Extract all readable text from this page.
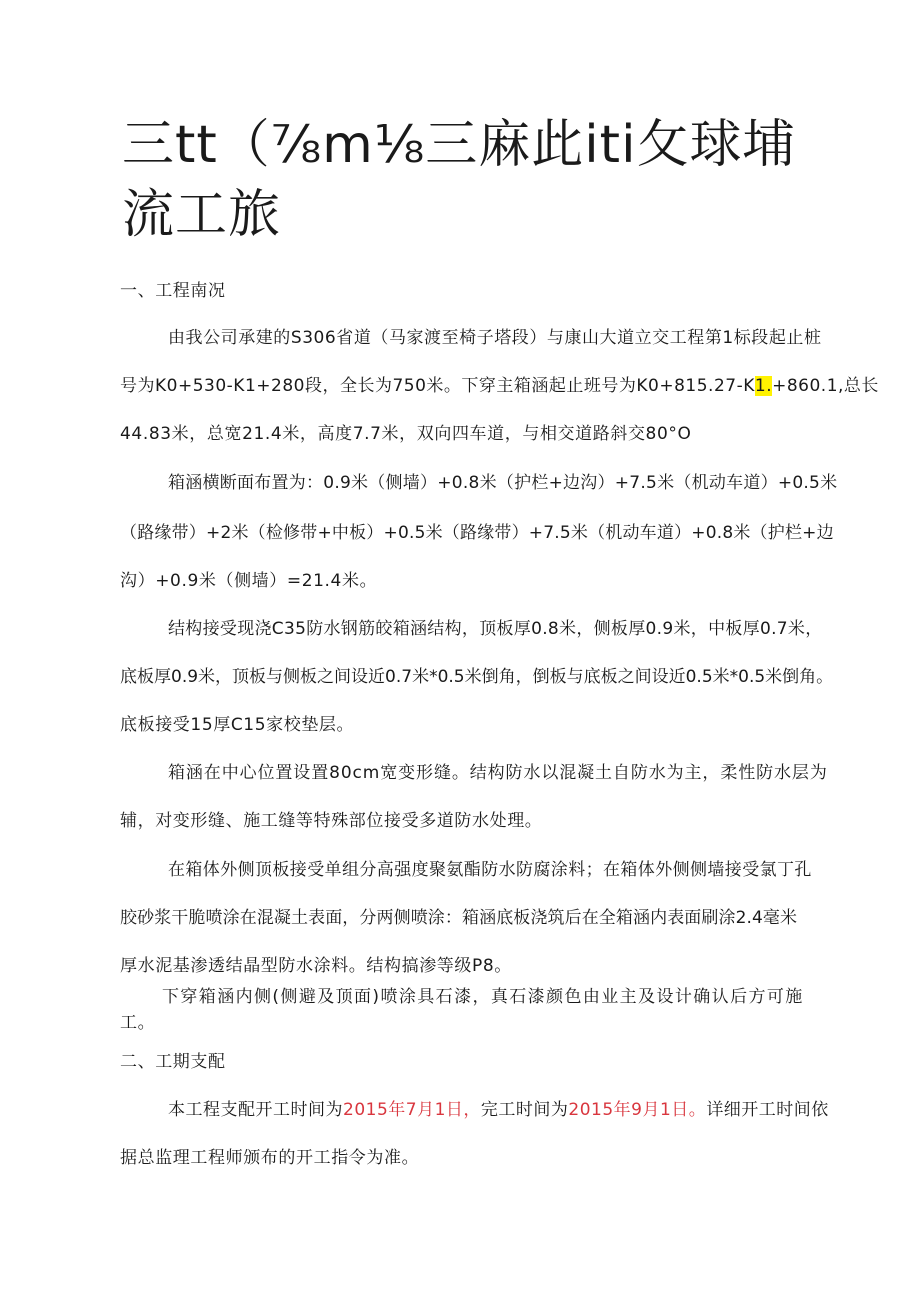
三tt（⅞m⅛三麻此iti攵球埔
流工旅
一、工程南况
由我公司承建的S306省道（马家渡至椅子塔段）与康山大道立交工程第1标段起止桩
号为K0+530-K1+280段，全长为750米。下穿主箱涵起止班号为K0+815.27-K1.+860.1,总长
44.83米，总宽21.4米，高度7.7米，双向四车道，与相交道路斜交80°O
箱涵横断面布置为：0.9米（侧墙）+0.8米（护栏+边沟）+7.5米（机动车道）+0.5米
（路缘带）+2米（检修带+中板）+0.5米（路缘带）+7.5米（机动车道）+0.8米（护栏+边
沟）+0.9米（侧墙）=21.4米。
结构接受现浇C35防水钢筋皎箱涵结构，顶板厚0.8米，侧板厚0.9米，中板厚0.7米，
底板厚0.9米，顶板与侧板之间设近0.7米*0.5米倒角，倒板与底板之间设近0.5米*0.5米倒角。
底板接受15厚C15家校垫层。
箱涵在中心位置设置80cm宽变形缝。结构防水以混凝土自防水为主，柔性防水层为
辅，对变形缝、施工缝等特殊部位接受多道防水处理。
在箱体外侧顶板接受单组分高强度聚氨酯防水防腐涂料；在箱体外侧侧墙接受氯丁孔
胶砂浆干脆喷涂在混凝土表面，分两侧喷涂：箱涵底板浇筑后在全箱涵内表面刷涂2.4毫米
厚水泥基渗透结晶型防水涂料。结构搞渗等级P8。
下穿箱涵内侧(侧避及顶面)喷涂具石漆，真石漆颜色由业主及设计确认后方可施
工。
二、工期支配
本工程支配开工时间为2015年7月1日，完工时间为2015年9月1日。详细开工时间依
据总监理工程师颁布的开工指令为准。
